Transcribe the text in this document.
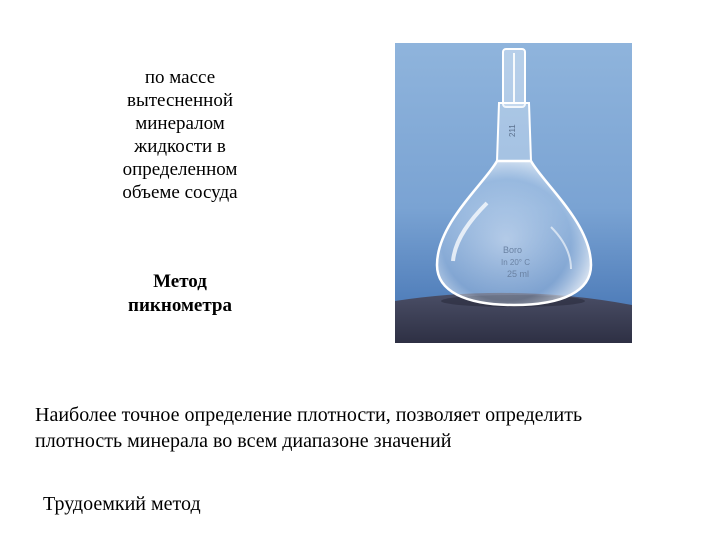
по массе
вытесненной
минералом
жидкости в
определенном
объеме сосуда
Метод
пикнометра
211
Boro
In 20° C
25 ml
Наиболее точное определение плотности, позволяет определить
плотность минерала во всем диапазоне значений
Трудоемкий метод
